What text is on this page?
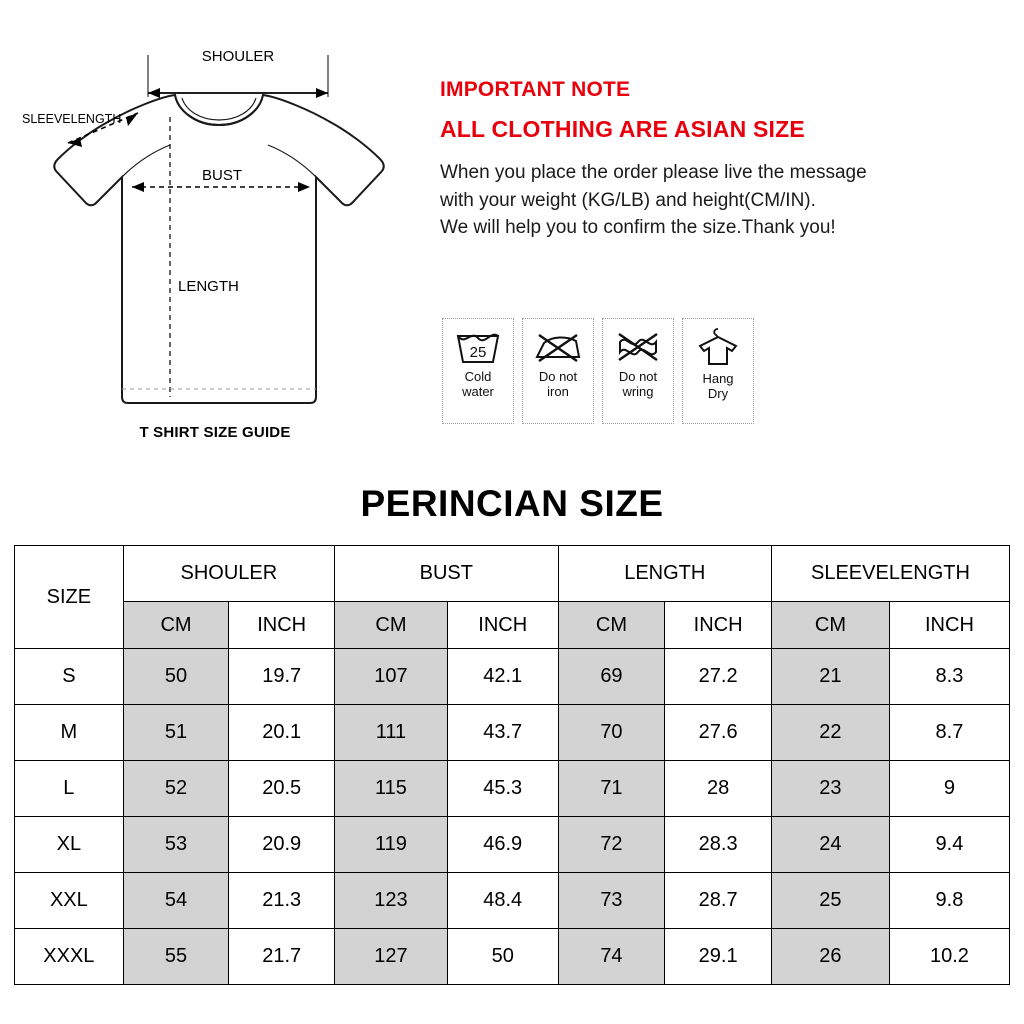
SHOULER
SLEEVELENGTH
BUST
LENGTH
T SHIRT SIZE GUIDE
IMPORTANT NOTE
ALL CLOTHING ARE ASIAN SIZE
When you place the order please live the message
with your weight (KG/LB) and height(CM/IN).
We will help you to confirm the size.Thank you!
25
Cold
water
Do not
iron
Do not
wring
Hang
Dry
PERINCIAN SIZE
SIZE	SHOULER		BUST		LENGTH		SLEEVELENGTH	
	CM	INCH	CM	INCH	CM	INCH	CM	INCH
S	50	19.7	107	42.1	69	27.2	21	8.3
M	51	20.1	111	43.7	70	27.6	22	8.7
L	52	20.5	115	45.3	71	28	23	9
XL	53	20.9	119	46.9	72	28.3	24	9.4
XXL	54	21.3	123	48.4	73	28.7	25	9.8
XXXL	55	21.7	127	50	74	29.1	26	10.2
